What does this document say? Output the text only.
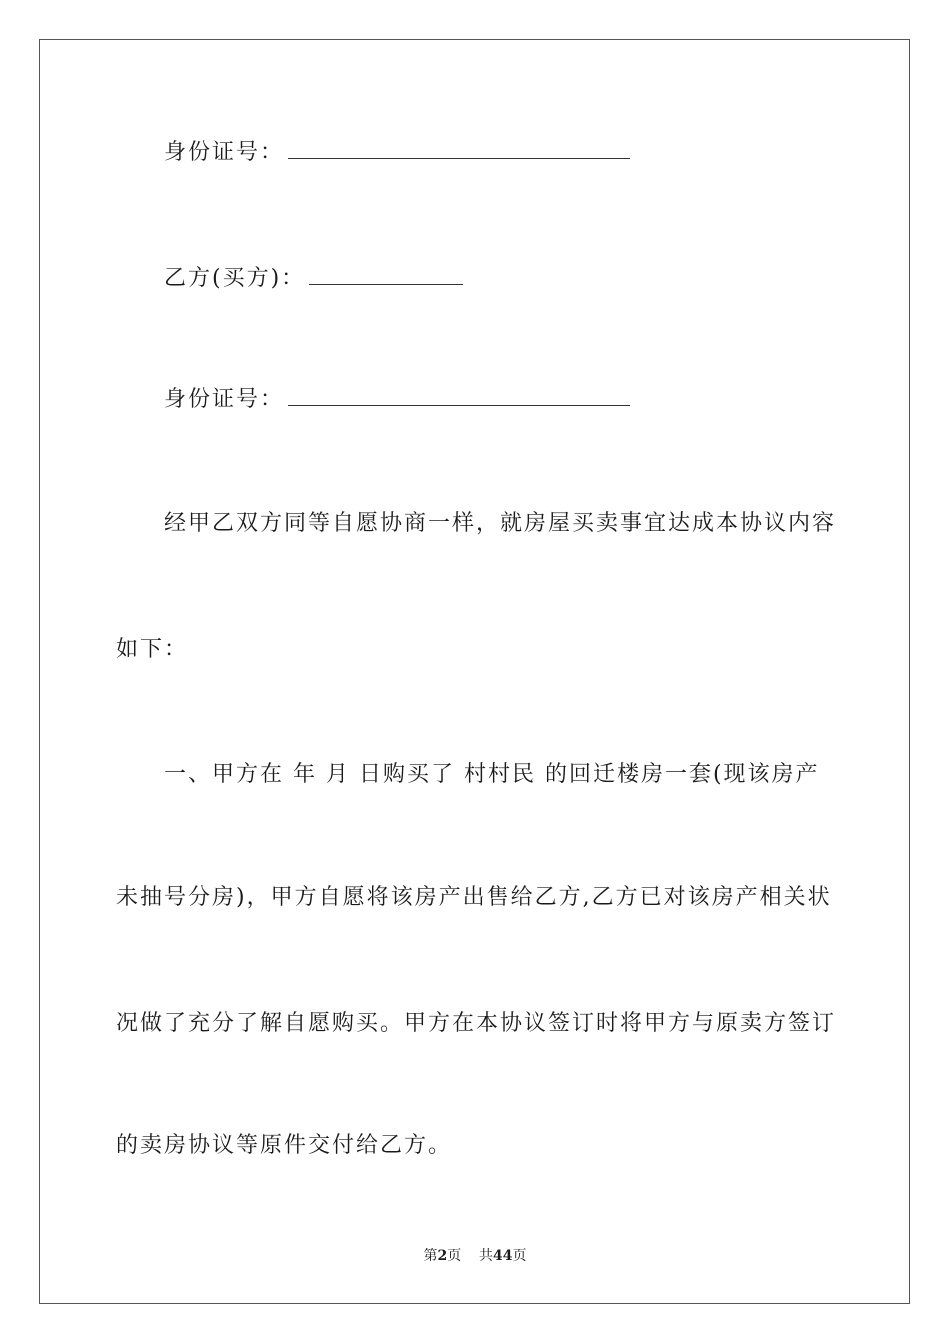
身份证号：
乙方(买方)：
身份证号：
经甲乙双方同等自愿协商一样，就房屋买卖事宜达成本协议内容
如下：
一、甲方在 年 月 日购买了 村村民 的回迁楼房一套(现该房产
未抽号分房)，甲方自愿将该房产出售给乙方,乙方已对该房产相关状
况做了充分了解自愿购买。甲方在本协议签订时将甲方与原卖方签订
的卖房协议等原件交付给乙方。
第2页 共44页
